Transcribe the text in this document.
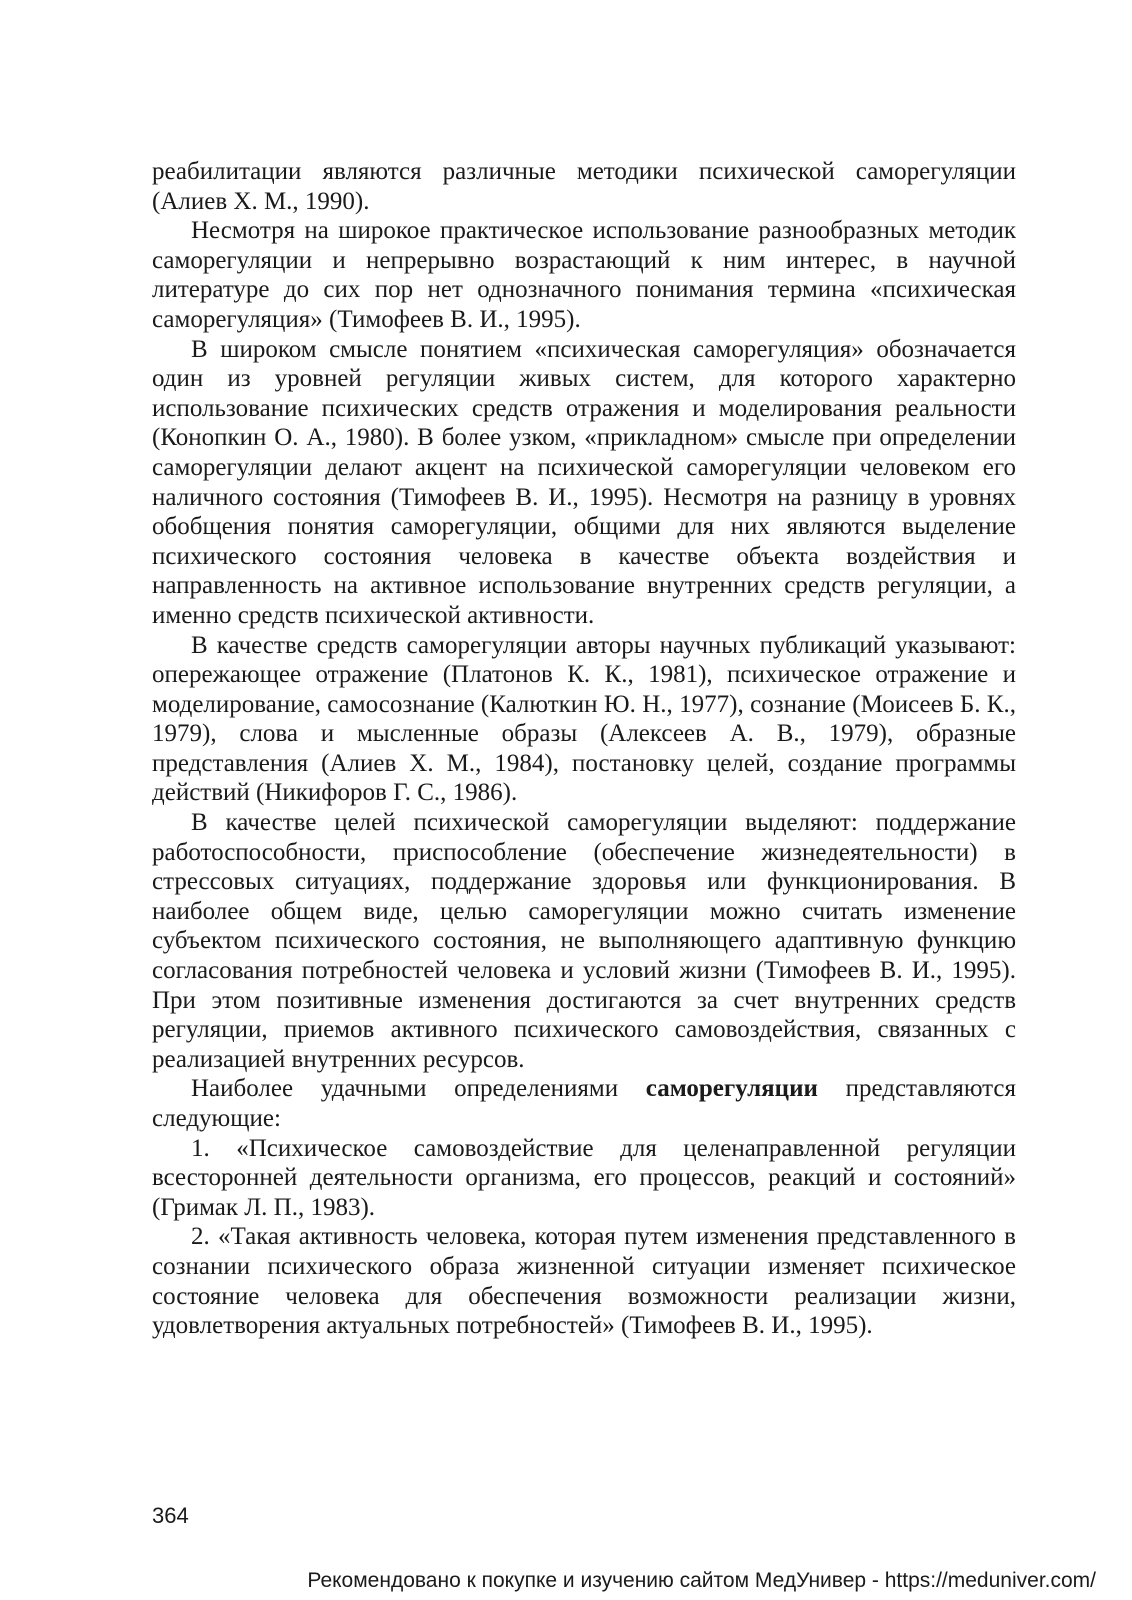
реабилитации являются различные методики психической саморегуляции (Алиев Х. М., 1990).

Несмотря на широкое практическое использование разнообразных методик саморегуляции и непрерывно возрастающий к ним интерес, в научной литературе до сих пор нет однозначного понимания термина «психическая саморегуляция» (Тимофеев В. И., 1995).

В широком смысле понятием «психическая саморегуляция» обозначается один из уровней регуляции живых систем, для которого характерно использование психических средств отражения и моделирования реальности (Конопкин О. А., 1980). В более узком, «прикладном» смысле при определении саморегуляции делают акцент на психической саморегуляции человеком его наличного состояния (Тимофеев В. И., 1995). Несмотря на разницу в уровнях обобщения понятия саморегуляции, общими для них являются выделение психического состояния человека в качестве объекта воздействия и направленность на активное использование внутренних средств регуляции, а именно средств психической активности.

В качестве средств саморегуляции авторы научных публикаций указывают: опережающее отражение (Платонов К. К., 1981), психическое отражение и моделирование, самосознание (Калюткин Ю. Н., 1977), сознание (Моисеев Б. К., 1979), слова и мысленные образы (Алексеев А. В., 1979), образные представления (Алиев Х. М., 1984), постановку целей, создание программы действий (Никифоров Г. С., 1986).

В качестве целей психической саморегуляции выделяют: поддержание работоспособности, приспособление (обеспечение жизнедеятельности) в стрессовых ситуациях, поддержание здоровья или функционирования. В наиболее общем виде, целью саморегуляции можно считать изменение субъектом психического состояния, не выполняющего адаптивную функцию согласования потребностей человека и условий жизни (Тимофеев В. И., 1995). При этом позитивные изменения достигаются за счет внутренних средств регуляции, приемов активного психического самовоздействия, связанных с реализацией внутренних ресурсов.

Наиболее удачными определениями саморегуляции представляются следующие:

1. «Психическое самовоздействие для целенаправленной регуляции всесторонней деятельности организма, его процессов, реакций и состояний» (Гримак Л. П., 1983).

2. «Такая активность человека, которая путем изменения представленного в сознании психического образа жизненной ситуации изменяет психическое состояние человека для обеспечения возможности реализации жизни, удовлетворения актуальных потребностей» (Тимофеев В. И., 1995).

364
Рекомендовано к покупке и изучению сайтом МедУнивер - https://meduniver.com/
